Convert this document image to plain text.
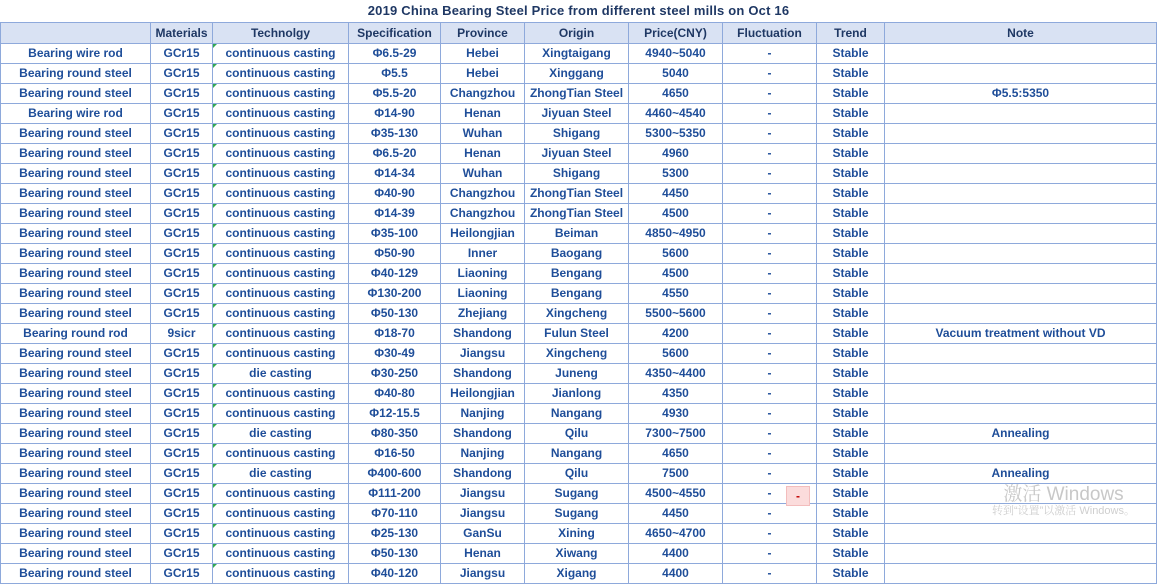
2019 China Bearing Steel Price from different steel mills on Oct 16
	Materials	Technolgy	Specification	Province	Origin	Price(CNY)	Fluctuation	Trend	Note
Bearing wire rod	GCr15	continuous casting	Φ6.5-29	Hebei	Xingtaigang	4940~5040	-	Stable	
Bearing round steel	GCr15	continuous casting	Φ5.5	Hebei	Xinggang	5040	-	Stable	
Bearing round steel	GCr15	continuous casting	Φ5.5-20	Changzhou	ZhongTian Steel	4650	-	Stable	Φ5.5:5350
Bearing wire rod	GCr15	continuous casting	Φ14-90	Henan	Jiyuan Steel	4460~4540	-	Stable	
Bearing round steel	GCr15	continuous casting	Φ35-130	Wuhan	Shigang	5300~5350	-	Stable	
Bearing round steel	GCr15	continuous casting	Φ6.5-20	Henan	Jiyuan Steel	4960	-	Stable	
Bearing round steel	GCr15	continuous casting	Φ14-34	Wuhan	Shigang	5300	-	Stable	
Bearing round steel	GCr15	continuous casting	Φ40-90	Changzhou	ZhongTian Steel	4450	-	Stable	
Bearing round steel	GCr15	continuous casting	Φ14-39	Changzhou	ZhongTian Steel	4500	-	Stable	
Bearing round steel	GCr15	continuous casting	Φ35-100	Heilongjian	Beiman	4850~4950	-	Stable	
Bearing round steel	GCr15	continuous casting	Φ50-90	Inner	Baogang	5600	-	Stable	
Bearing round steel	GCr15	continuous casting	Φ40-129	Liaoning	Bengang	4500	-	Stable	
Bearing round steel	GCr15	continuous casting	Φ130-200	Liaoning	Bengang	4550	-	Stable	
Bearing round steel	GCr15	continuous casting	Φ50-130	Zhejiang	Xingcheng	5500~5600	-	Stable	
Bearing round rod	9sicr	continuous casting	Φ18-70	Shandong	Fulun Steel	4200	-	Stable	Vacuum treatment without VD
Bearing round steel	GCr15	continuous casting	Φ30-49	Jiangsu	Xingcheng	5600	-	Stable	
Bearing round steel	GCr15	die casting	Φ30-250	Shandong	Juneng	4350~4400	-	Stable	
Bearing round steel	GCr15	continuous casting	Φ40-80	Heilongjian	Jianlong	4350	-	Stable	
Bearing round steel	GCr15	continuous casting	Φ12-15.5	Nanjing	Nangang	4930	-	Stable	
Bearing round steel	GCr15	die casting	Φ80-350	Shandong	Qilu	7300~7500	-	Stable	Annealing
Bearing round steel	GCr15	continuous casting	Φ16-50	Nanjing	Nangang	4650	-	Stable	
Bearing round steel	GCr15	die casting	Φ400-600	Shandong	Qilu	7500	-	Stable	Annealing
Bearing round steel	GCr15	continuous casting	Φ111-200	Jiangsu	Sugang	4500~4550	-	Stable	
Bearing round steel	GCr15	continuous casting	Φ70-110	Jiangsu	Sugang	4450	-	Stable	
Bearing round steel	GCr15	continuous casting	Φ25-130	GanSu	Xining	4650~4700	-	Stable	
Bearing round steel	GCr15	continuous casting	Φ50-130	Henan	Xiwang	4400	-	Stable	
Bearing round steel	GCr15	continuous casting	Φ40-120	Jiangsu	Xigang	4400	-	Stable	
-	激活 Windows
转到“设置”以激活 Windows。
